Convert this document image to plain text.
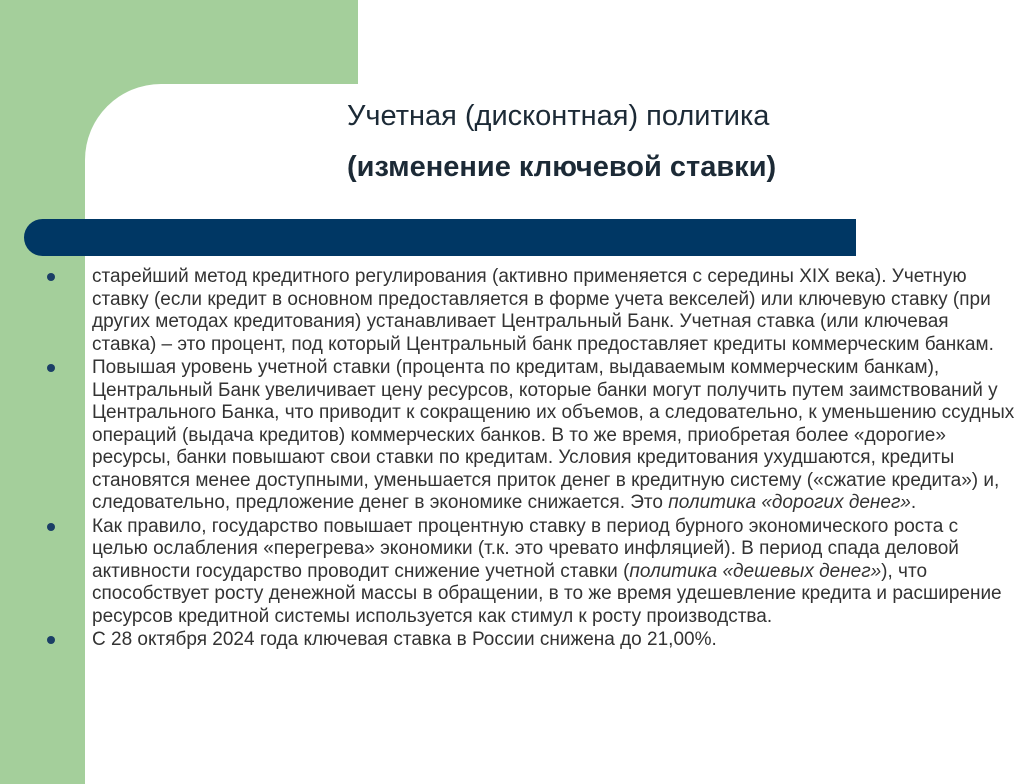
Учетная (дисконтная) политика
(изменение ключевой ставки)
старейший метод кредитного регулирования (активно применяется с середины XIX века). Учетную ставку (если кредит в основном предоставляется в форме учета векселей) или ключевую ставку (при других методах кредитования) устанавливает Центральный Банк. Учетная ставка (или ключевая ставка) – это процент, под который Центральный банк предоставляет кредиты коммерческим банкам.
Повышая уровень учетной ставки (процента по кредитам, выдаваемым коммерческим банкам), Центральный Банк увеличивает цену ресурсов, которые банки могут получить путем заимствований у Центрального Банка, что приводит к сокращению их объемов, а следовательно, к уменьшению ссудных операций (выдача кредитов) коммерческих банков. В то же время, приобретая более «дорогие» ресурсы, банки повышают свои ставки по кредитам. Условия кредитования ухудшаются, кредиты становятся менее доступными, уменьшается приток денег в кредитную систему («сжатие кредита») и, следовательно, предложение денег в экономике снижается. Это политика «дорогих денег».
Как правило, государство повышает процентную ставку в период бурного экономического роста с целью ослабления «перегрева» экономики (т.к. это чревато инфляцией). В период спада деловой активности государство проводит снижение учетной ставки (политика «дешевых денег»), что способствует росту денежной массы в обращении, в то же время удешевление кредита и расширение ресурсов кредитной системы используется как стимул к росту производства.
С 28 октября 2024 года ключевая ставка в России снижена до 21,00%.
